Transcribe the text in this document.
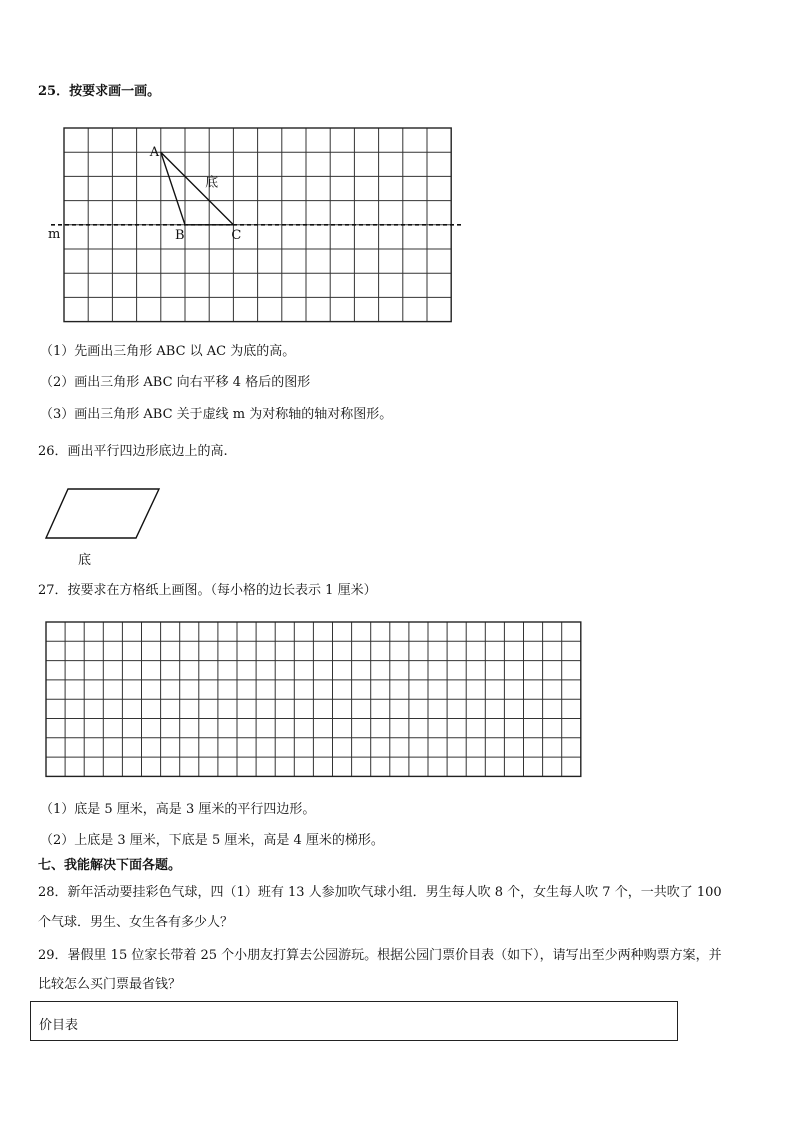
25．按要求画一画。
A
B	C
底
m
（1）先画出三角形 ABC 以 AC 为底的高。
（2）画出三角形 ABC 向右平移 4 格后的图形
（3）画出三角形 ABC 关于虚线 m 为对称轴的轴对称图形。
26．画出平行四边形底边上的高.
底
27．按要求在方格纸上画图。（每小格的边长表示 1 厘米）
（1）底是 5 厘米，高是 3 厘米的平行四边形。
（2）上底是 3 厘米，下底是 5 厘米，高是 4 厘米的梯形。
七、我能解决下面各题。
28．新年活动要挂彩色气球，四（1）班有 13 人参加吹气球小组．男生每人吹 8 个，女生每人吹 7 个，一共吹了 100
个气球．男生、女生各有多少人？
29．暑假里 15 位家长带着 25 个小朋友打算去公园游玩。根据公园门票价目表（如下），请写出至少两种购票方案，并
比较怎么买门票最省钱？
价目表
